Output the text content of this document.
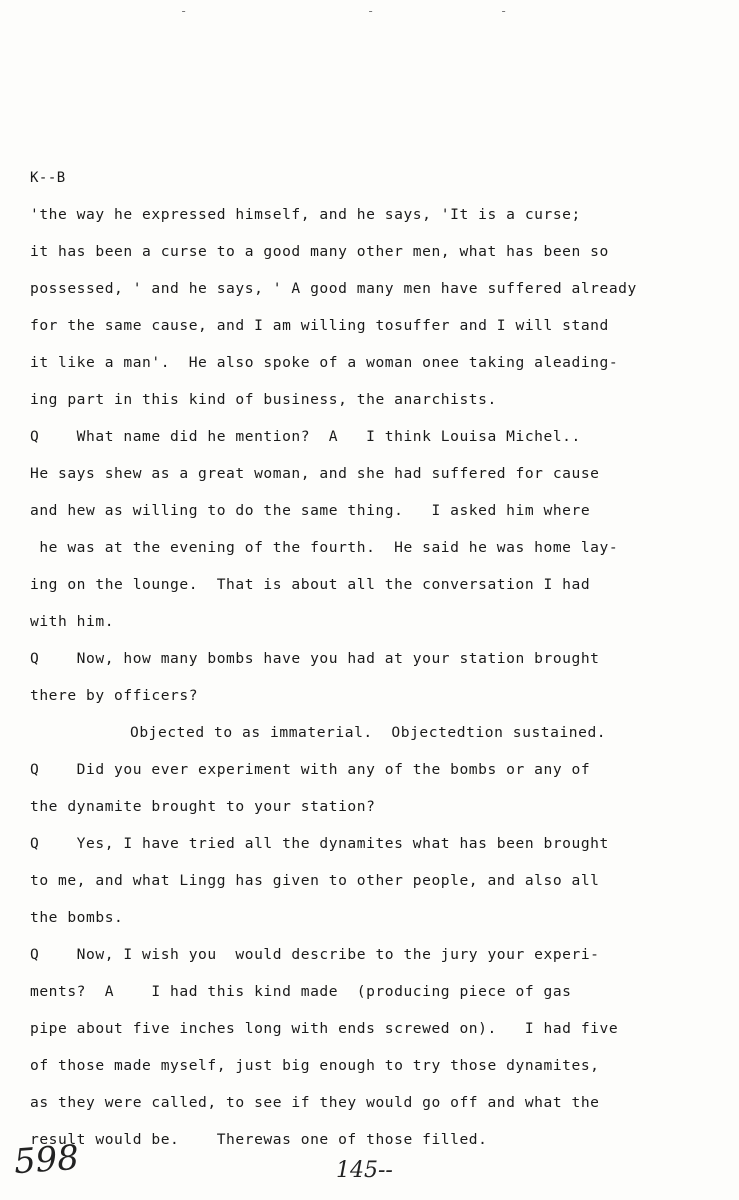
-	-	-
K--B
'the way he expressed himself, and he says, 'It is a curse;
it has been a curse to a good many other men, what has been so
possessed, ' and he says, ' A good many men have suffered already
for the same cause, and I am willing tosuffer and I will stand
it like a man'.  He also spoke of a woman onee taking aleading-
ing part in this kind of business, the anarchists.
Q    What name did he mention?  A   I think Louisa Michel..
He says shew as a great woman, and she had suffered for cause
and hew as willing to do the same thing.   I asked him where
he was at the evening of the fourth.  He said he was home lay-
ing on the lounge.  That is about all the conversation I had
with him.
Q    Now, how many bombs have you had at your station brought
there by officers?
Objected to as immaterial.  Objectedtion sustained.
Q    Did you ever experiment with any of the bombs or any of
the dynamite brought to your station?
Q    Yes, I have tried all the dynamites what has been brought
to me, and what Lingg has given to other people, and also all
the bombs.
Q    Now, I wish you  would describe to the jury your experi-
ments?  A    I had this kind made  (producing piece of gas
pipe about five inches long with ends screwed on).   I had five
of those made myself, just big enough to try those dynamites,
as they were called, to see if they would go off and what the
result would be.    Therewas one of those filled.
598	145--
